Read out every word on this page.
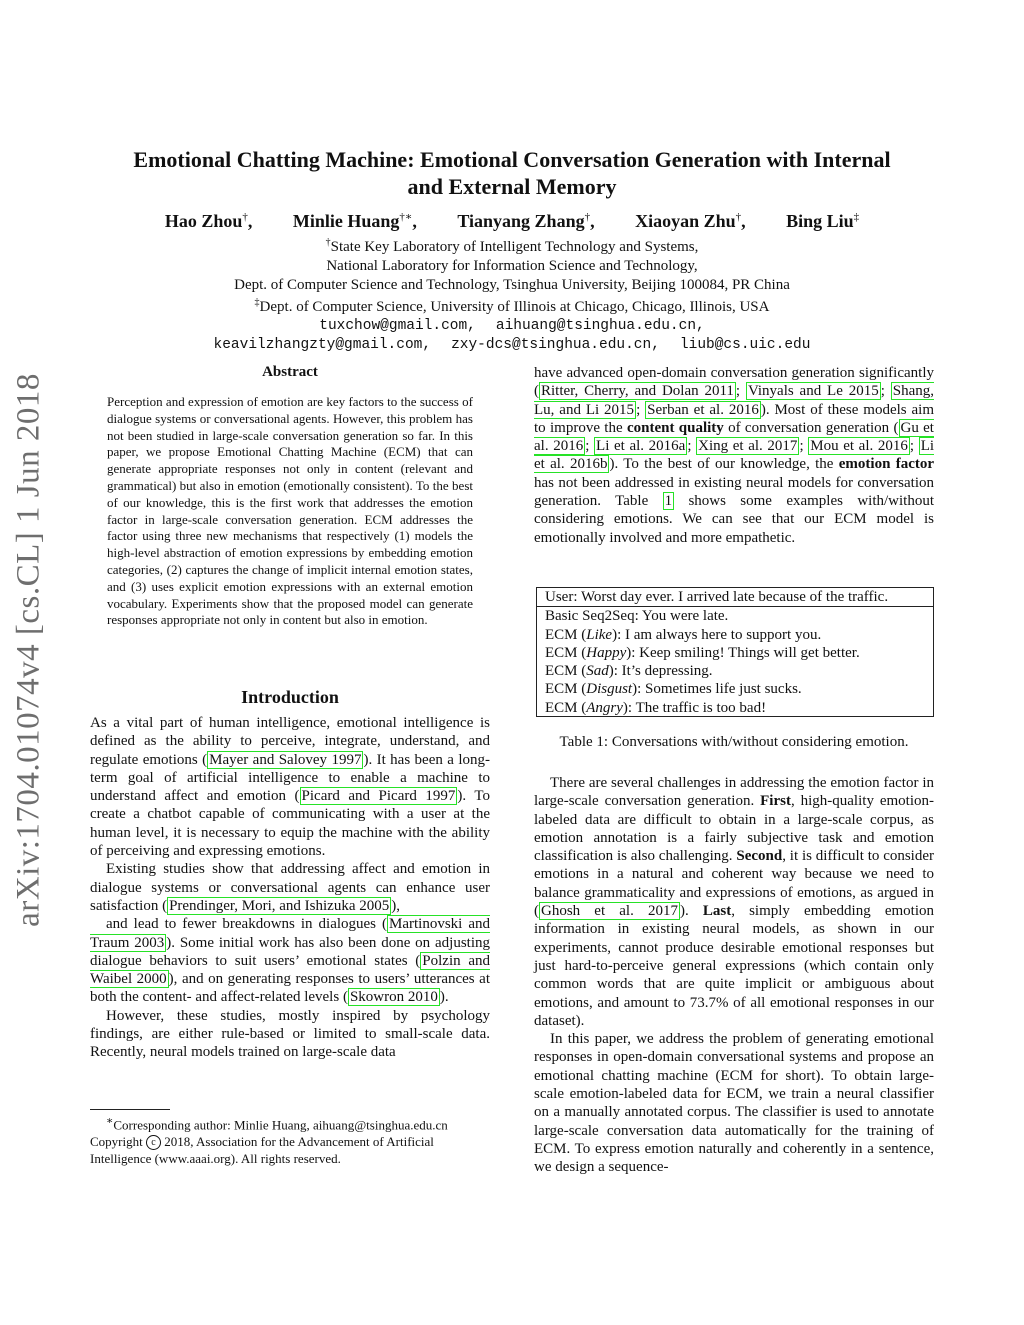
arXiv:1704.01074v4 [cs.CL] 1 Jun 2018
Emotional Chatting Machine: Emotional Conversation Generation with Internal
and External Memory
Hao Zhou†, Minlie Huang†∗, Tianyang Zhang†, Xiaoyan Zhu†, Bing Liu‡
†State Key Laboratory of Intelligent Technology and Systems,
National Laboratory for Information Science and Technology,
Dept. of Computer Science and Technology, Tsinghua University, Beijing 100084, PR China
‡Dept. of Computer Science, University of Illinois at Chicago, Chicago, Illinois, USA
tuxchow@gmail.com, aihuang@tsinghua.edu.cn,
keavilzhangzty@gmail.com, zxy-dcs@tsinghua.edu.cn, liub@cs.uic.edu
Abstract
Perception and expression of emotion are key factors to the success of dialogue systems or conversational agents. However, this problem has not been studied in large-scale conversation generation so far. In this paper, we propose Emotional Chatting Machine (ECM) that can generate appropriate responses not only in content (relevant and grammatical) but also in emotion (emotionally consistent). To the best of our knowledge, this is the first work that addresses the emotion factor in large-scale conversation generation. ECM addresses the factor using three new mechanisms that respectively (1) models the high-level abstraction of emotion expressions by embedding emotion categories, (2) captures the change of implicit internal emotion states, and (3) uses explicit emotion expressions with an external emotion vocabulary. Experiments show that the proposed model can generate responses appropriate not only in content but also in emotion.
Introduction

As a vital part of human intelligence, emotional intelligence is defined as the ability to perceive, integrate, understand, and regulate emotions ( Mayer and Salovey 1997 ). It has been a long-term goal of artificial intelligence to enable a machine to understand affect and emotion ( Picard and Picard 1997 ). To create a chatbot capable of communicating with a user at the human level, it is necessary to equip the machine with the ability of perceiving and expressing emotions.

Existing studies show that addressing affect and emotion in dialogue systems or conversational agents can enhance user satisfaction ( Prendinger, Mori, and Ishizuka 2005 ),

and lead to fewer breakdowns in dialogues ( Martinovski and Traum 2003 ). Some initial work has also been done on adjusting dialogue behaviors to suit users’ emotional states ( Polzin and Waibel 2000 ), and on generating responses to users’ utterances at both the content- and affect-related levels ( Skowron 2010 ).

However, these studies, mostly inspired by psychology findings, are either rule-based or limited to small-scale data. Recently, neural models trained on large-scale data

have advanced open-domain conversation generation significantly ( Ritter, Cherry, and Dolan 2011 ; Vinyals and Le 2015 ; Shang, Lu, and Li 2015 ; Serban et al. 2016 ). Most of these models aim to improve the content quality of conversation generation ( Gu et al. 2016 ; Li et al. 2016a ; Xing et al. 2017 ; Mou et al. 2016 ; Li et al. 2016b ). To the best of our knowledge, the emotion factor has not been addressed in existing neural models for conversation generation. Table 1 shows some examples with/without considering emotions. We can see that our ECM model is emotionally involved and more empathetic.

User: Worst day ever. I arrived late because of the traffic.
Basic Seq2Seq: You were late.
ECM (Like): I am always here to support you.
ECM (Happy): Keep smiling! Things will get better.
ECM (Sad): It’s depressing.
ECM (Disgust): Sometimes life just sucks.
ECM (Angry): The traffic is too bad!
Table 1: Conversations with/without considering emotion.

There are several challenges in addressing the emotion factor in large-scale conversation generation. First, high-quality emotion-labeled data are difficult to obtain in a large-scale corpus, as emotion annotation is a fairly subjective task and emotion classification is also challenging. Second, it is difficult to consider emotions in a natural and coherent way because we need to balance grammaticality and expressions of emotions, as argued in ( Ghosh et al. 2017 ). Last, simply embedding emotion information in existing neural models, as shown in our experiments, cannot produce desirable emotional responses but just hard-to-perceive general expressions (which contain only common words that are quite implicit or ambiguous about emotions, and amount to 73.7% of all emotional responses in our dataset).

In this paper, we address the problem of generating emotional responses in open-domain conversational systems and propose an emotional chatting machine (ECM for short). To obtain large-scale emotion-labeled data for ECM, we train a neural classifier on a manually annotated corpus. The classifier is used to annotate large-scale conversation data automatically for the training of ECM. To express emotion naturally and coherently in a sentence, we design a sequence-

∗Corresponding author: Minlie Huang, aihuang@tsinghua.edu.cn
Copyright c 2018, Association for the Advancement of Artificial Intelligence (www.aaai.org). All rights reserved.
